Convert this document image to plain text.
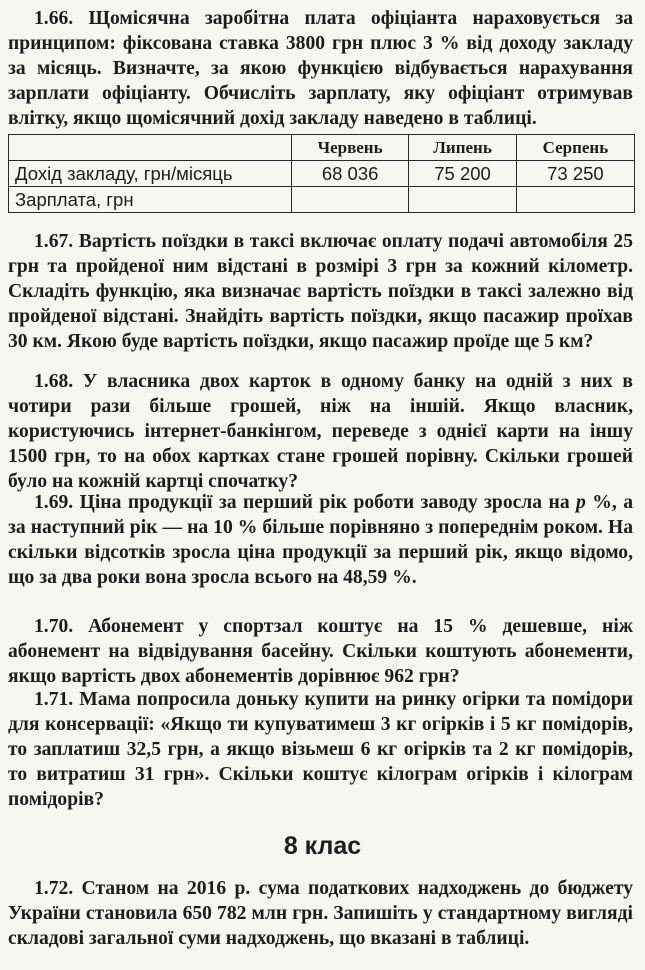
1.66. Щомісячна заробітна плата офіціанта нараховується за принципом: фіксована ставка 3800 грн плюс 3 % від доходу закладу за місяць. Визначте, за якою функцією відбувається нарахування зарплати офіціанту. Обчисліть зарплату, яку офіціант отримував влітку, якщо щомісячний дохід закладу наведено в таблиці.

	Червень	Липень	Серпень
Дохід закладу, грн/місяць	68 036	75 200	73 250
Зарплата, грн			

1.67. Вартість поїздки в таксі включає оплату подачі автомобіля 25 грн та пройденої ним відстані в розмірі 3 грн за кожний кілометр. Складіть функцію, яка визначає вартість поїздки в таксі залежно від пройденої відстані. Знайдіть вартість поїздки, якщо пасажир проїхав 30 км. Якою буде вартість поїздки, якщо пасажир проїде ще 5 км?

1.68. У власника двох карток в одному банку на одній з них в чотири рази більше грошей, ніж на іншій. Якщо власник, користуючись інтернет-банкінгом, переведе з однієї карти на іншу 1500 грн, то на обох картках стане грошей порівну. Скільки грошей було на кожній картці спочатку?

1.69. Ціна продукції за перший рік роботи заводу зросла на p %, а за наступний рік — на 10 % більше порівняно з попереднім роком. На скільки відсотків зросла ціна продукції за перший рік, якщо відомо, що за два роки вона зросла всього на 48,59 %.

1.70. Абонемент у спортзал коштує на 15 % дешевше, ніж абонемент на відвідування басейну. Скільки коштують абонементи, якщо вартість двох абонементів дорівнює 962 грн?

1.71. Мама попросила доньку купити на ринку огірки та помідори для консервації: «Якщо ти купуватимеш 3 кг огірків і 5 кг помідорів, то заплатиш 32,5 грн, а якщо візьмеш 6 кг огірків та 2 кг помідорів, то витратиш 31 грн». Скільки коштує кілограм огірків і кілограм помідорів?

8 клас

1.72. Станом на 2016 р. сума податкових надходжень до бюджету України становила 650 782 млн грн. Запишіть у стандартному вигляді складові загальної суми надходжень, що вказані в таблиці.
